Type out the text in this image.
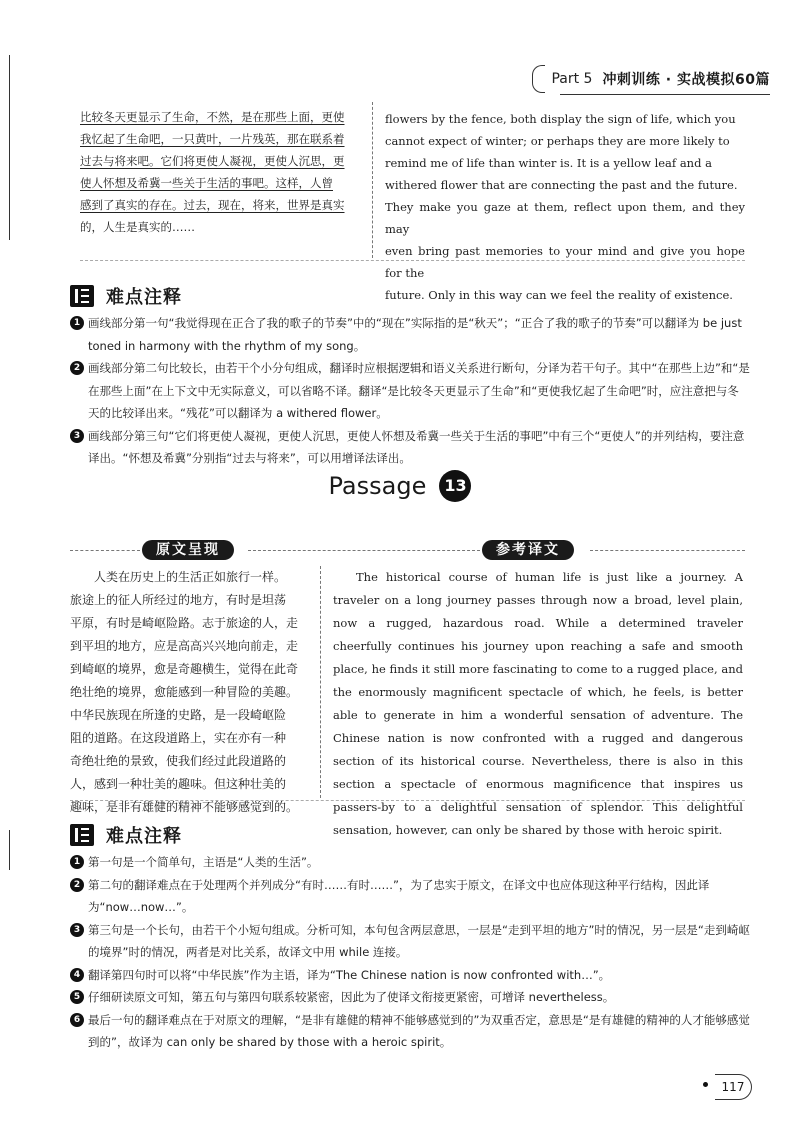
Part 5 冲刺训练 · 实战模拟60篇
比较冬天更显示了生命，不然，是在那些上面，更使
我忆起了生命吧，一只黄叶，一片残英，那在联系着
过去与将来吧。它们将更使人凝视，更使人沉思，更
使人怀想及希冀一些关于生活的事吧。这样，人曾
感到了真实的存在。过去，现在，将来，世界是真实
的，人生是真实的……
flowers by the fence, both display the sign of life, which you
cannot expect of winter; or perhaps they are more likely to
remind me of life than winter is. It is a yellow leaf and a
withered flower that are connecting the past and the future.
They make you gaze at them, reflect upon them, and they may
even bring past memories to your mind and give you hope for the
future. Only in this way can we feel the reality of existence.
难点注释
1 画线部分第一句“我觉得现在正合了我的歌子的节奏”中的“现在”实际指的是“秋天”；“正合了我的歌子的节奏”可以翻译为 be just toned in harmony with the rhythm of my song。
2 画线部分第二句比较长，由若干个小分句组成，翻译时应根据逻辑和语义关系进行断句，分译为若干句子。其中“在那些上边”和“是在那些上面”在上下文中无实际意义，可以省略不译。翻译“是比较冬天更显示了生命”和“更使我忆起了生命吧”时，应注意把与冬天的比较译出来。“残花”可以翻译为 a withered flower。
3 画线部分第三句“它们将更使人凝视，更使人沉思，更使人怀想及希冀一些关于生活的事吧”中有三个“更使人”的并列结构，要注意译出。“怀想及希冀”分别指“过去与将来”，可以用增译法译出。
Passage 13
原文呈现	参考译文
人类在历史上的生活正如旅行一样。
旅途上的征人所经过的地方，有时是坦荡
平原，有时是崎岖险路。志于旅途的人，走
到平坦的地方，应是高高兴兴地向前走，走
到崎岖的境界，愈是奇趣横生，觉得在此奇
绝壮绝的境界，愈能感到一种冒险的美趣。
中华民族现在所逢的史路，是一段崎岖险
阻的道路。在这段道路上，实在亦有一种
奇绝壮绝的景致，使我们经过此段道路的
人，感到一种壮美的趣味。但这种壮美的
趣味，是非有雄健的精神不能够感觉到的。
The historical course of human life is just like a journey. A traveler on a long journey passes through now a broad, level plain, now a rugged, hazardous road. While a determined traveler cheerfully continues his journey upon reaching a safe and smooth place, he finds it still more fascinating to come to a rugged place, and the enormously magnificent spectacle of which, he feels, is better able to generate in him a wonderful sensation of adventure. The Chinese nation is now confronted with a rugged and dangerous section of its historical course. Nevertheless, there is also in this section a spectacle of enormous magnificence that inspires us passers-by to a delightful sensation of splendor. This delightful sensation, however, can only be shared by those with heroic spirit.
难点注释
1 第一句是一个简单句，主语是“人类的生活”。
2 第二句的翻译难点在于处理两个并列成分“有时……有时……”，为了忠实于原文，在译文中也应体现这种平行结构，因此译为“now…now…”。
3 第三句是一个长句，由若干个小短句组成。分析可知，本句包含两层意思，一层是“走到平坦的地方”时的情况，另一层是“走到崎岖的境界”时的情况，两者是对比关系，故译文中用 while 连接。
4 翻译第四句时可以将“中华民族”作为主语，译为“The Chinese nation is now confronted with…”。
5 仔细研读原文可知，第五句与第四句联系较紧密，因此为了使译文衔接更紧密，可增译 nevertheless。
6 最后一句的翻译难点在于对原文的理解，“是非有雄健的精神不能够感觉到的”为双重否定，意思是“是有雄健的精神的人才能够感觉到的”，故译为 can only be shared by those with a heroic spirit。
117
